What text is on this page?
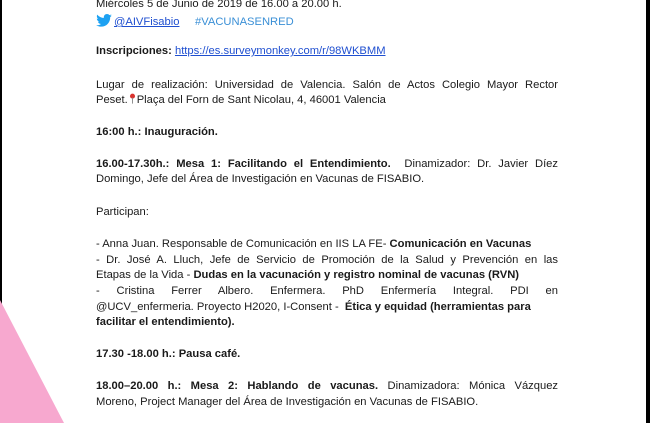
Miércoles 5 de Junio de 2019 de 16.00 a 20.00 h.
@AIVFisabio #VACUNASENRED
Inscripciones: https://es.surveymonkey.com/r/98WKBMM
Lugar de realización: Universidad de Valencia. Salón de Actos Colegio Mayor Rector
Peset. Plaça del Forn de Sant Nicolau, 4, 46001 Valencia
16:00 h.: Inauguración.
16.00-17.30h.: Mesa 1: Facilitando el Entendimiento. Dinamizador: Dr. Javier Díez
Domingo, Jefe del Área de Investigación en Vacunas de FISABIO.
Participan:
- Anna Juan. Responsable de Comunicación en IIS LA FE- Comunicación en Vacunas
- Dr. José A. Lluch, Jefe de Servicio de Promoción de la Salud y Prevención en las
Etapas de la Vida - Dudas en la vacunación y registro nominal de vacunas (RVN)
- Cristina Ferrer Albero. Enfermera. PhD Enfermería Integral. PDI en
@UCV_enfermeria. Proyecto H2020, I-Consent - Ética y equidad (herramientas para
facilitar el entendimiento).
17.30 -18.00 h.: Pausa café.
18.00–20.00 h.: Mesa 2: Hablando de vacunas. Dinamizadora: Mónica Vázquez
Moreno, Project Manager del Área de Investigación en Vacunas de FISABIO.
